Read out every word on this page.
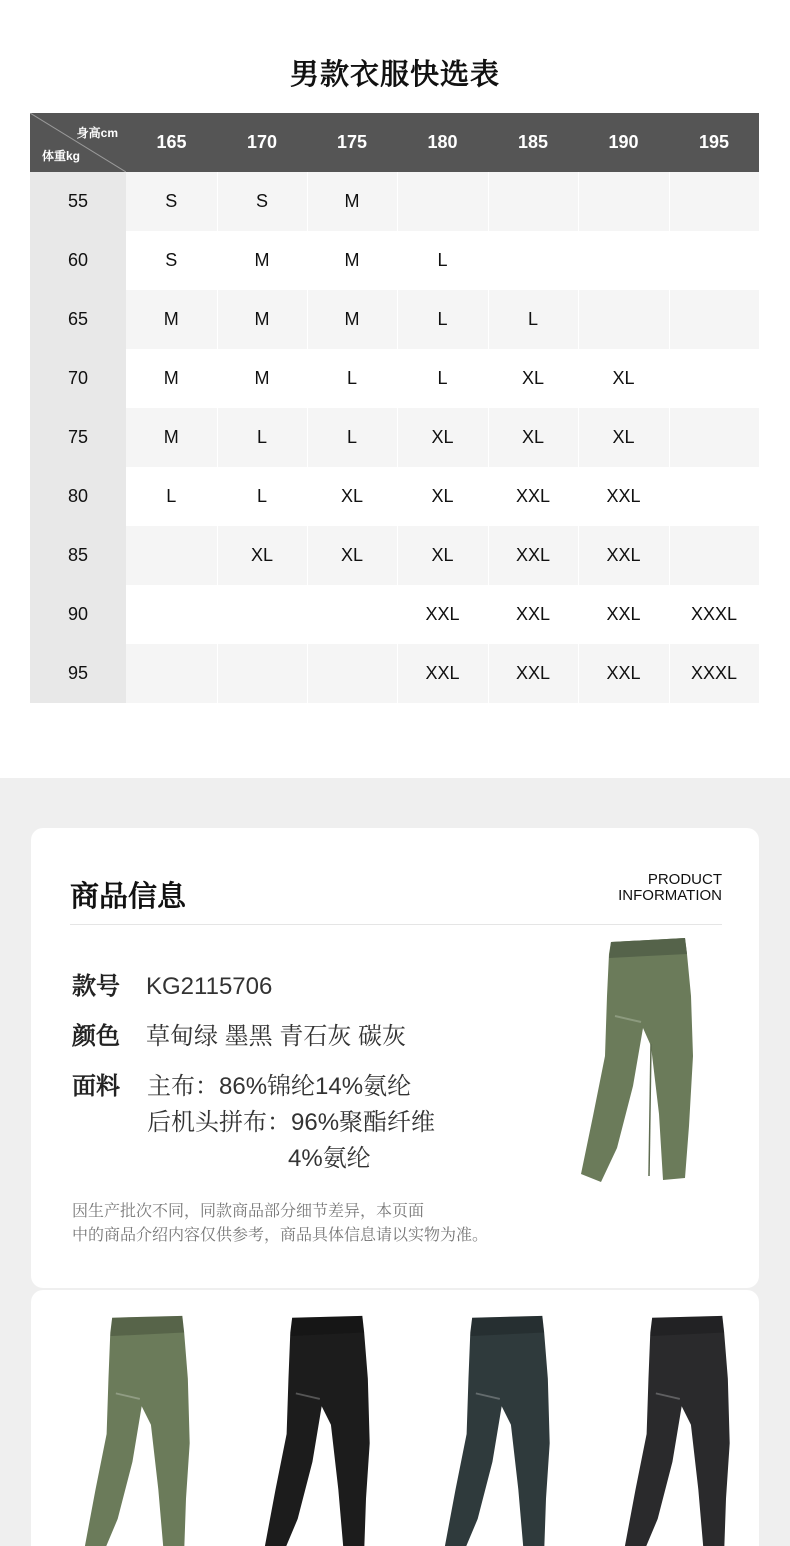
男款衣服快选表
身高cm
体重kg	165	170	175	180	185	190	195
55	S	S	M				
60	S	M	M	L			
65	M	M	M	L	L		
70	M	M	L	L	XL	XL	
75	M	L	L	XL	XL	XL	
80	L	L	XL	XL	XXL	XXL	
85		XL	XL	XL	XXL	XXL	
90				XXL	XXL	XXL	XXXL
95				XXL	XXL	XXL	XXXL
商品信息
PRODUCT
INFORMATION
款号 KG2115706
颜色 草甸绿 墨黑 青石灰 碳灰
面料	主布：86%锦纶14%氨纶
后机头拼布：96%聚酯纤维
4%氨纶
因生产批次不同，同款商品部分细节差异，本页面
中的商品介绍内容仅供参考，商品具体信息请以实物为准。
